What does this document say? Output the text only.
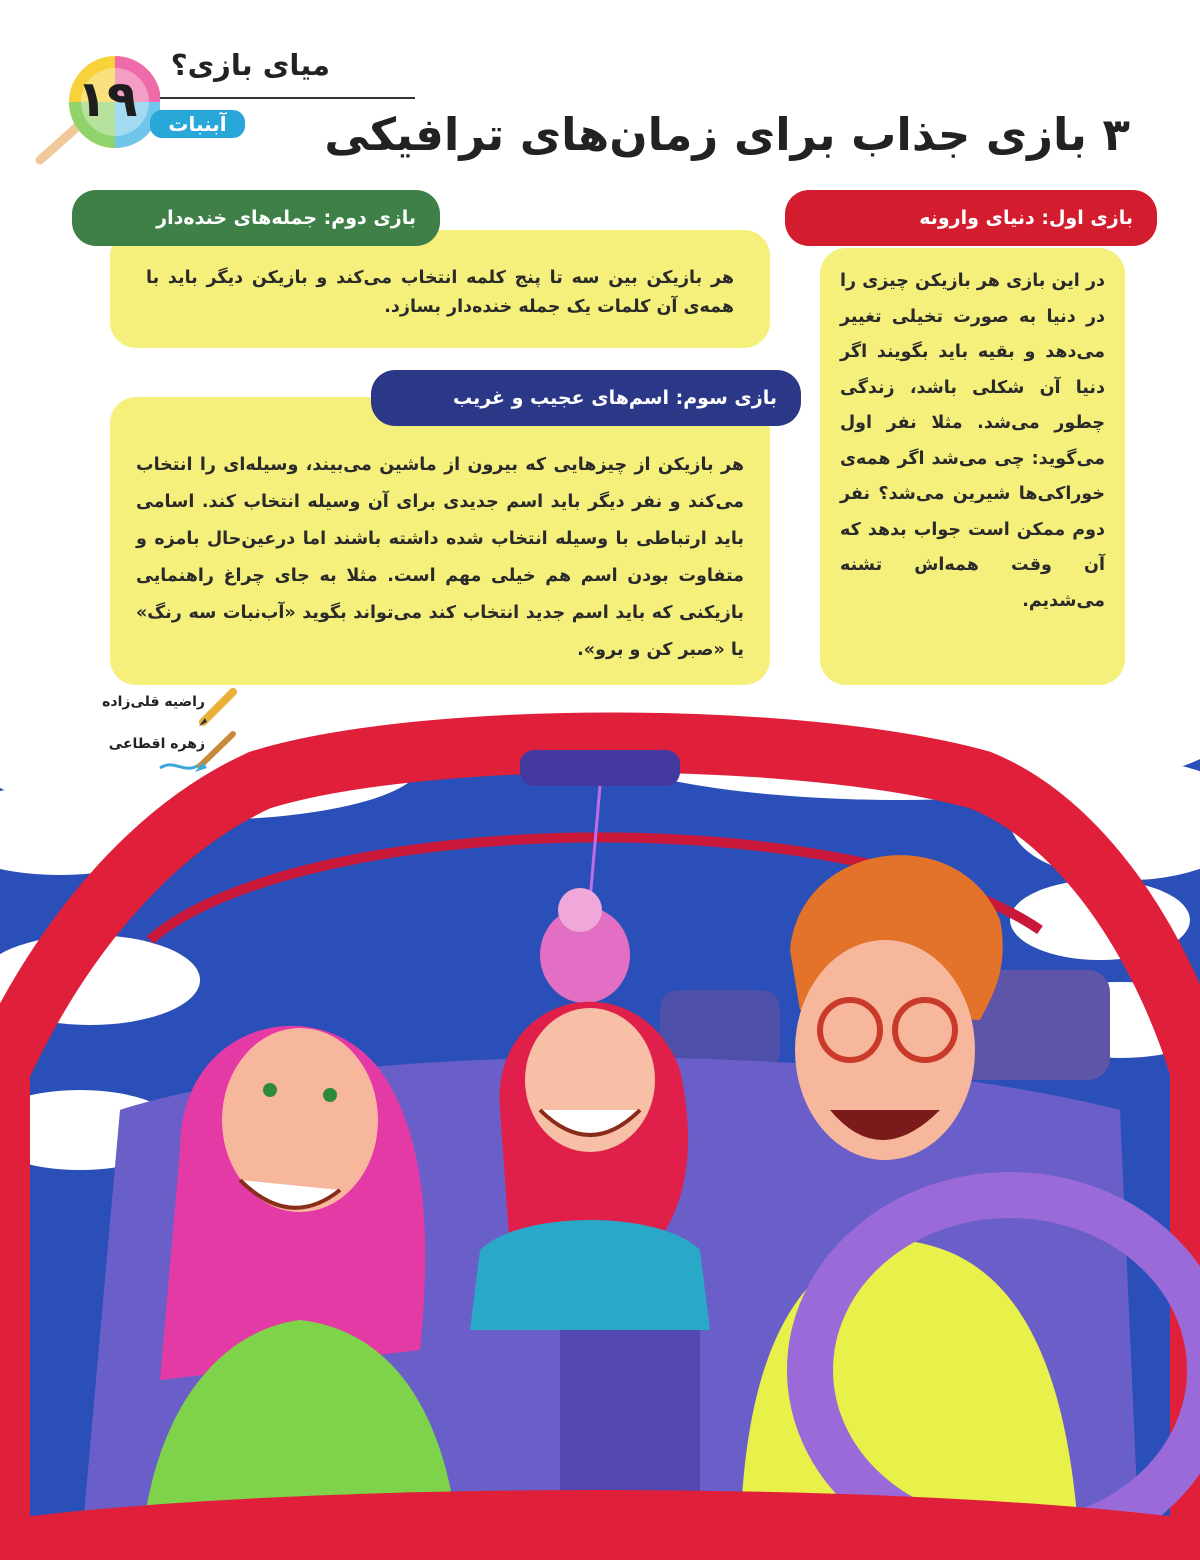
میای بازی؟
۱۹	آبنبات	۳ بازی جذاب برای زمان‌های ترافیکی
در این بازی هر بازیکن چیزی را در دنیا به صورت تخیلی تغییر می‌دهد و بقیه باید بگویند اگر دنیا آن شکلی باشد، زندگی چطور می‌شد. مثلا نفر اول می‌گوید: چی می‌شد اگر همه‌ی خوراکی‌ها شیرین می‌شد؟ نفر دوم ممکن است جواب بدهد که آن وقت همه‌اش تشنه می‌شدیم.
بازی اول: دنیای وارونه
هر بازیکن بین سه تا پنج کلمه انتخاب می‌کند و بازیکن دیگر باید با همه‌ی آن کلمات یک جمله خنده‌دار بسازد.
بازی دوم: جمله‌های خنده‌دار
هر بازیکن از چیزهایی که بیرون از ماشین می‌بیند، وسیله‌ای را انتخاب می‌کند و نفر دیگر باید اسم جدیدی برای آن وسیله انتخاب کند. اسامی باید ارتباطی با وسیله انتخاب شده داشته باشند اما درعین‌حال بامزه و متفاوت بودن اسم هم خیلی مهم است. مثلا به جای چراغ راهنمایی بازیکنی که باید اسم جدید انتخاب کند می‌تواند بگوید «آب‌نبات سه رنگ» یا «صبر کن و برو».
بازی سوم: اسم‌های عجیب و غریب
راضیه قلی‌زاده
زهره اقطاعی
